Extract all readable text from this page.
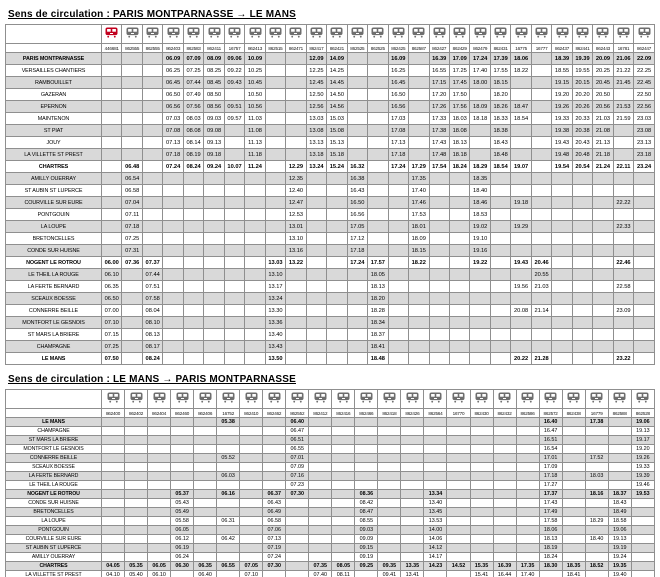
Sens de circulation : PARIS MONTPARNASSE → LE MANS

	446681	862555	862555	862403	862583	862411	16757	862413	862515	862471	862417	862421	862525	862525	862425	862587	862427	862429	862479	862431	16775	16777	862437	862441	862443	16781	862447
PARIS MONTPARNASSE				06.09	07.09	08.09	09.06	10.09			12.09	14.09			16.09		16.39	17.09	17.24	17.39	18.06		18.39	19.39	20.09	21.06	22.09
VERSAILLES CHANTIERS				06.25	07.25	08.25	09.22	10.25			12.25	14.25			16.25		16.55	17.25	17.40	17.55	18.22		18.55	19.55	20.25	21.22	22.25
RAMBOUILLET				06.45	07.44	08.45	09.43	10.45			12.45	14.45			16.45		17.15	17.45	18.00	18.15			19.15	20.15	20.45	21.45	22.45
GAZERAN				06.50	07.49	08.50		10.50			12.50	14.50			16.50		17.20	17.50		18.20			19.20	20.20	20.50		22.50
EPERNON				06.56	07.56	08.56	09.51	10.56			12.56	14.56			16.56		17.26	17.56	18.09	18.26	18.47		19.26	20.26	20.56	21.53	22.56
MAINTENON				07.03	08.03	09.03	09.57	11.03			13.03	15.03			17.03		17.33	18.03	18.18	18.33	18.54		19.33	20.33	21.03	21.59	23.03
ST PIAT				07.08	08.08	09.08		11.08			13.08	15.08			17.08		17.38	18.08		18.38			19.38	20.38	21.08		23.08
JOUY				07.13	08.14	09.13		11.13			13.13	15.13			17.13		17.43	18.13		18.43			19.43	20.43	21.13		23.13
LA VILLETTE ST PREST				07.18	08.19	09.18		11.18			13.18	15.18			17.18		17.48	18.18		18.48			19.48	20.48	21.18		23.18
CHARTRES		06.48		07.24	08.24	09.24	10.07	11.24		12.29	13.24	15.24	16.32		17.24	17.29	17.54	18.24	18.29	18.54	19.07		19.54	20.54	21.24	22.11	23.24
AMILLY OUERRAY		06.54								12.35			16.38			17.35			18.35								
ST AUBIN ST LUPERCE		06.58								12.40			16.43			17.40			18.40								
COURVILLE SUR EURE		07.04								12.47			16.50			17.46			18.46		19.18					22.22	
PONTGOUIN		07.11								12.53			16.56			17.53			18.53								
LA LOUPE		07.18								13.01			17.05			18.01			19.02		19.29					22.33	
BRETONCELLES		07.25								13.10			17.12			18.09			19.10								
CONDE SUR HUISNE		07.31								13.16			17.18			18.15			19.16								
NOGENT LE ROTROU	06.00	07.36	07.37						13.03	13.22			17.24	17.57		18.22			19.22		19.43	20.46				22.46	
LE THEIL LA ROUGE	06.10		07.44						13.10					18.05								20.55					
LA FERTE BERNARD	06.35		07.51						13.17					18.13							19.56	21.03				22.58	
SCEAUX BOESSE	06.50		07.58						13.24					18.20													
CONNERRE BEILLE	07.00		08.04						13.30					18.28							20.08	21.14				23.09	
MONTFORT LE GESNOIS	07.10		08.10						13.36					18.34													
ST MARS LA BRIERE	07.15		08.13						13.40					18.37													
CHAMPAGNE	07.25		08.17						13.43					18.41													
LE MANS	07.50		08.24						13.50					18.48							20.22	21.28				23.22	
Sens de circulation : LE MANS → PARIS MONTPARNASSE

	862400	862402	862404	862460	862406	16752	862410	862462	862552	862412	862416	862466	862418	862426	862564	16770	862430	862432	862586	862572	862438	16779	862588	862528
LE MANS						05.38			06.40											16.40		17.38		19.06
CHAMPAGNE									06.47											16.47				19.13
ST MARS LA BRIERE									06.51											16.51				19.17
MONTFORT LE GESNOIS									06.55											16.54				19.20
CONNERRE BEILLE						05.52			07.01											17.01		17.52		19.26
SCEAUX BOESSE									07.09											17.09				19.33
LA FERTE BERNARD						06.03			07.16											17.18		18.03		19.39
LE THEIL LA ROUGE									07.23											17.27				19.46
NOGENT LE ROTROU				05.37		06.16		06.37	07.30			08.36			13.34					17.37		18.16	18.37	19.53
CONDE SUR HUISNE				05.43				06.43				08.42			13.40					17.43			18.43	
BRETONCELLES				05.49				06.49				08.47			13.45					17.49			18.49	
LA LOUPE				05.58		06.31		06.58				08.55			13.53					17.58		18.29	18.58	
PONTGOUIN				06.05				07.06				09.03			14.00					18.06			19.06	
COURVILLE SUR EURE				06.12		06.42		07.13				09.09			14.06					18.13		18.40	19.13	
ST AUBIN ST LUPERCE				06.19				07.19				09.15			14.12					18.19			19.19	
AMILLY OUERRAY				06.24				07.24				09.19			14.17					18.24			19.24	
CHARTRES	04.05	05.35	06.05	06.30	06.35	06.55	07.05	07.30		07.35	08.05	09.25	09.35	13.35	14.23	14.52	15.35	16.39	17.35	18.30	18.35	18.52	19.35	
LA VILLETTE ST PREST	04.10	05.40	06.10		06.40		07.10			07.40	08.11		09.41	13.41			15.41	16.44	17.40		18.41		19.40	
